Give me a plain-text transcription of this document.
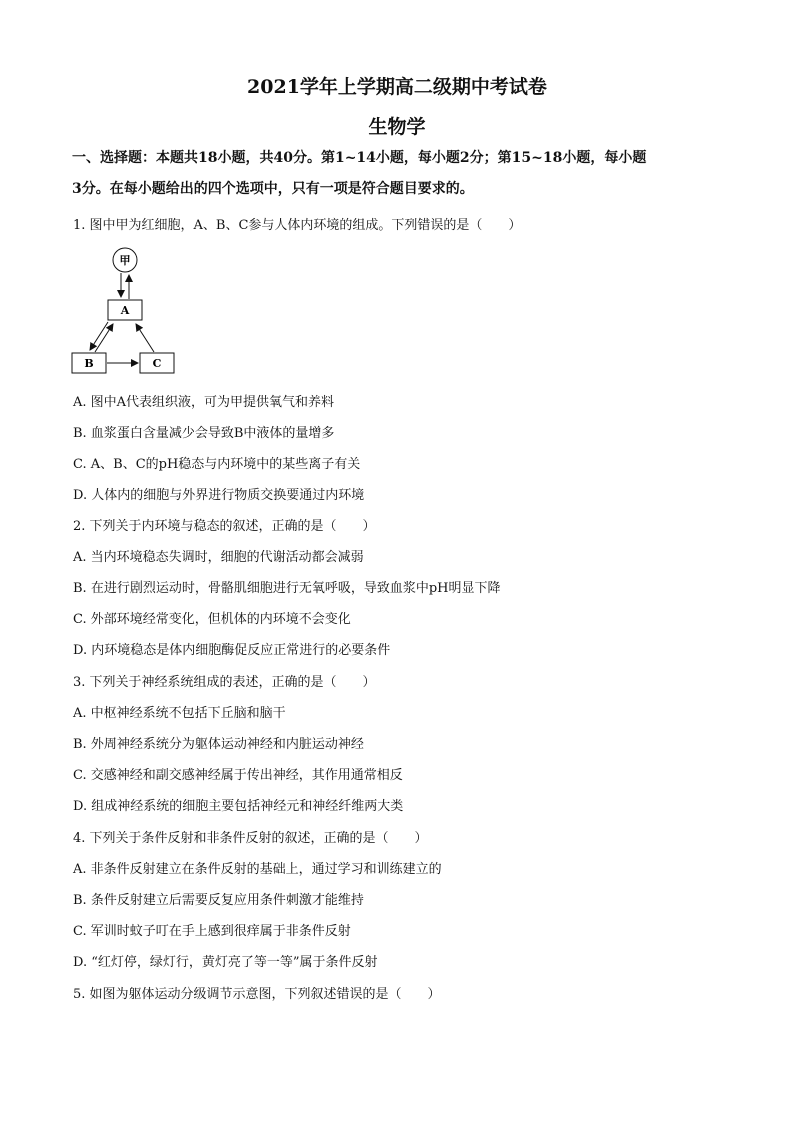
2021学年上学期高二级期中考试卷
生物学
一、选择题：本题共18小题，共40分。第1~14小题，每小题2分；第15~18小题，每小题
3分。在每小题给出的四个选项中，只有一项是符合题目要求的。
1. 图中甲为红细胞，A、B、C参与人体内环境的组成。下列错误的是（　　）
甲
A
B	C
A. 图中A代表组织液，可为甲提供氧气和养料
B. 血浆蛋白含量减少会导致B中液体的量增多
C. A、B、C的pH稳态与内环境中的某些离子有关
D. 人体内的细胞与外界进行物质交换要通过内环境
2. 下列关于内环境与稳态的叙述，正确的是（　　）
A. 当内环境稳态失调时，细胞的代谢活动都会减弱
B. 在进行剧烈运动时，骨骼肌细胞进行无氧呼吸，导致血浆中pH明显下降
C. 外部环境经常变化，但机体的内环境不会变化
D. 内环境稳态是体内细胞酶促反应正常进行的必要条件
3. 下列关于神经系统组成的表述，正确的是（　　）
A. 中枢神经系统不包括下丘脑和脑干
B. 外周神经系统分为躯体运动神经和内脏运动神经
C. 交感神经和副交感神经属于传出神经，其作用通常相反
D. 组成神经系统的细胞主要包括神经元和神经纤维两大类
4. 下列关于条件反射和非条件反射的叙述，正确的是（　　）
A. 非条件反射建立在条件反射的基础上，通过学习和训练建立的
B. 条件反射建立后需要反复应用条件刺激才能维持
C. 军训时蚊子叮在手上感到很痒属于非条件反射
D. “红灯停，绿灯行，黄灯亮了等一等”属于条件反射
5. 如图为躯体运动分级调节示意图，下列叙述错误的是（　　）
